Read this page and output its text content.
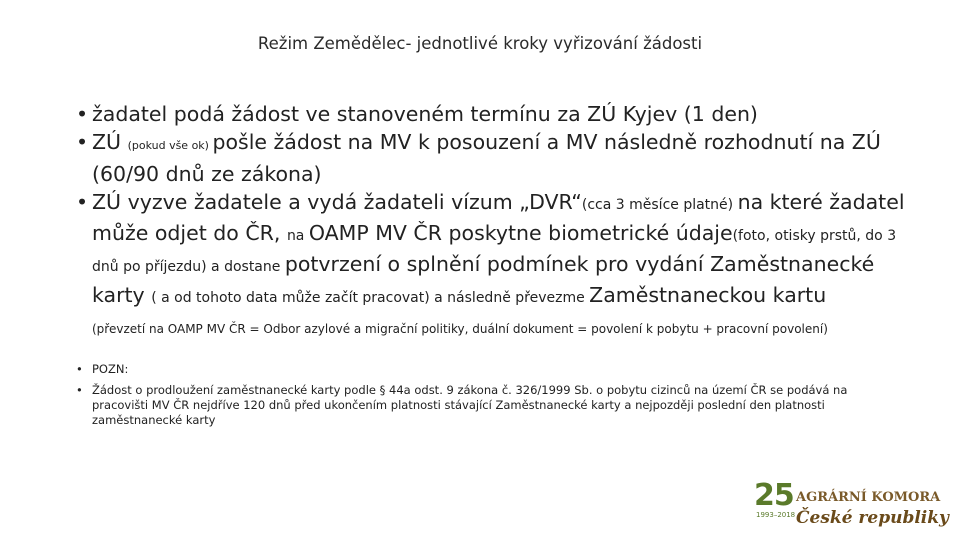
Režim Zemědělec- jednotlivé kroky vyřizování žádosti
• žadatel podá žádost ve stanoveném termínu za ZÚ Kyjev (1 den)
• ZÚ (pokud vše ok) pošle žádost na MV k posouzení a MV následně rozhodnutí na ZÚ (60/90 dnů ze zákona)
• ZÚ vyzve žadatele a vydá žadateli vízum „DVR“(cca 3 měsíce platné) na které žadatel může odjet do ČR, na OAMP MV ČR poskytne biometrické údaje(foto, otisky prstů, do 3 dnů po příjezdu) a dostane potvrzení o splnění podmínek pro vydání Zaměstnanecké karty ( a od tohoto data může začít pracovat) a následně převezme Zaměstnaneckou kartu (převzetí na OAMP MV ČR = Odbor azylové a migrační politiky, duální dokument = povolení k pobytu + pracovní povolení)
• POZN:
• Žádost o prodloužení zaměstnanecké karty podle § 44a odst. 9 zákona č. 326/1999 Sb. o pobytu cizinců na území ČR se podává na pracovišti MV ČR nejdříve 120 dnů před ukončením platnosti stávající Zaměstnanecké karty a nejpozději poslední den platnosti zaměstnanecké karty
25
1993–2018
AGRÁRNÍ KOMORA
České republiky
